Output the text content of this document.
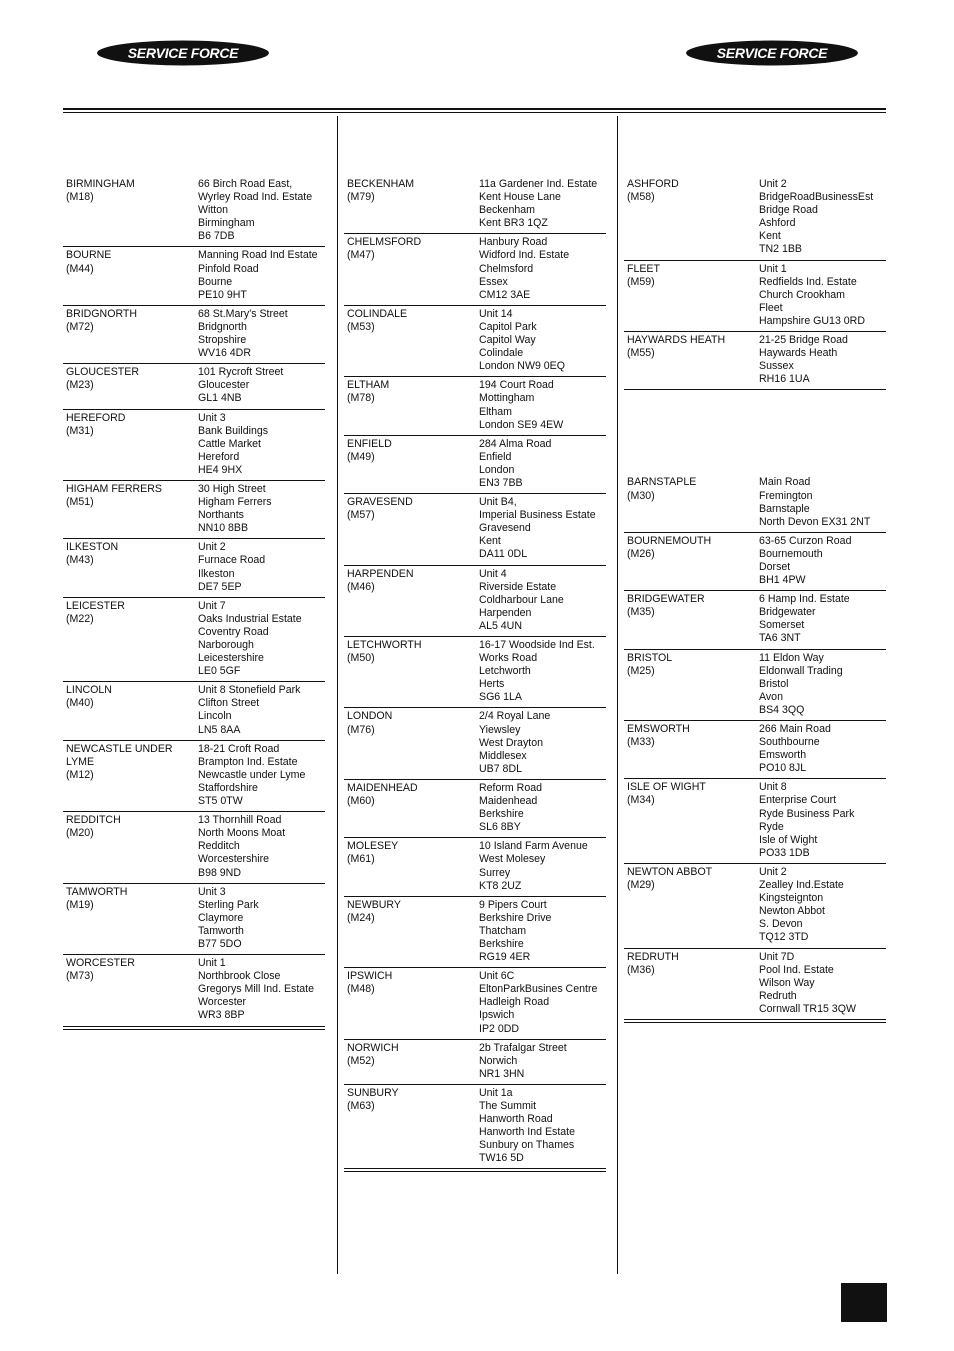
SERVICE FORCE	SERVICE FORCE
BIRMINGHAM
(M18)
66 Birch Road East,
Wyrley Road Ind. Estate
Witton
Birmingham
B6 7DB
BOURNE
(M44)
Manning Road Ind Estate
Pinfold Road
Bourne
PE10 9HT
BRIDGNORTH
(M72)
68 St.Mary's Street
Bridgnorth
Stropshire
WV16 4DR
GLOUCESTER
(M23)
101 Rycroft Street
Gloucester
GL1 4NB
HEREFORD
(M31)
Unit 3
Bank Buildings
Cattle Market
Hereford
HE4 9HX
HIGHAM FERRERS
(M51)
30 High Street
Higham Ferrers
Northants
NN10 8BB
ILKESTON
(M43)
Unit 2
Furnace Road
Ilkeston
DE7 5EP
LEICESTER
(M22)
Unit 7
Oaks Industrial Estate
Coventry Road
Narborough
Leicestershire
LE0 5GF
LINCOLN
(M40)
Unit 8 Stonefield Park
Clifton Street
Lincoln
LN5 8AA
NEWCASTLE UNDER
LYME
(M12)
18-21 Croft Road
Brampton Ind. Estate
Newcastle under Lyme
Staffordshire
ST5 0TW
REDDITCH
(M20)
13 Thornhill Road
North Moons Moat
Redditch
Worcestershire
B98 9ND
TAMWORTH
(M19)
Unit 3
Sterling Park
Claymore
Tamworth
B77 5DO
WORCESTER
(M73)
Unit 1
Northbrook Close
Gregorys Mill Ind. Estate
Worcester
WR3 8BP
BECKENHAM
(M79)
11a Gardener Ind. Estate
Kent House Lane
Beckenham
Kent BR3 1QZ
CHELMSFORD
(M47)
Hanbury Road
Widford Ind. Estate
Chelmsford
Essex
CM12 3AE
COLINDALE
(M53)
Unit 14
Capitol Park
Capitol Way
Colindale
London NW9 0EQ
ELTHAM
(M78)
194 Court Road
Mottingham
Eltham
London SE9 4EW
ENFIELD
(M49)
284 Alma Road
Enfield
London
EN3 7BB
GRAVESEND
(M57)
Unit B4,
Imperial Business Estate
Gravesend
Kent
DA11 0DL
HARPENDEN
(M46)
Unit 4
Riverside Estate
Coldharbour Lane
Harpenden
AL5 4UN
LETCHWORTH
(M50)
16-17 Woodside Ind Est.
Works Road
Letchworth
Herts
SG6 1LA
LONDON
(M76)
2/4 Royal Lane
Yiewsley
West Drayton
Middlesex
UB7 8DL
MAIDENHEAD
(M60)
Reform Road
Maidenhead
Berkshire
SL6 8BY
MOLESEY
(M61)
10 Island Farm Avenue
West Molesey
Surrey
KT8 2UZ
NEWBURY
(M24)
9 Pipers Court
Berkshire Drive
Thatcham
Berkshire
RG19 4ER
IPSWICH
(M48)
Unit 6C
EltonParkBusines Centre
Hadleigh Road
Ipswich
IP2 0DD
NORWICH
(M52)
2b Trafalgar Street
Norwich
NR1 3HN
SUNBURY
(M63)
Unit 1a
The Summit
Hanworth Road
Hanworth Ind Estate
Sunbury on Thames
TW16 5D
ASHFORD
(M58)
Unit 2
BridgeRoadBusinessEst
Bridge Road
Ashford
Kent
TN2 1BB
FLEET
(M59)
Unit 1
Redfields Ind. Estate
Church Crookham
Fleet
Hampshire GU13 0RD
HAYWARDS HEATH
(M55)
21-25 Bridge Road
Haywards Heath
Sussex
RH16 1UA
BARNSTAPLE
(M30)
Main Road
Fremington
Barnstaple
North Devon EX31 2NT
BOURNEMOUTH
(M26)
63-65 Curzon Road
Bournemouth
Dorset
BH1 4PW
BRIDGEWATER
(M35)
6 Hamp Ind. Estate
Bridgewater
Somerset
TA6 3NT
BRISTOL
(M25)
11 Eldon Way
Eldonwall Trading
Bristol
Avon
BS4 3QQ
EMSWORTH
(M33)
266 Main Road
Southbourne
Emsworth
PO10 8JL
ISLE OF WIGHT
(M34)
Unit 8
Enterprise Court
Ryde Business Park
Ryde
Isle of Wight
PO33 1DB
NEWTON ABBOT
(M29)
Unit 2
Zealley Ind.Estate
Kingsteignton
Newton Abbot
S. Devon
TQ12 3TD
REDRUTH
(M36)
Unit 7D
Pool Ind. Estate
Wilson Way
Redruth
Cornwall TR15 3QW
